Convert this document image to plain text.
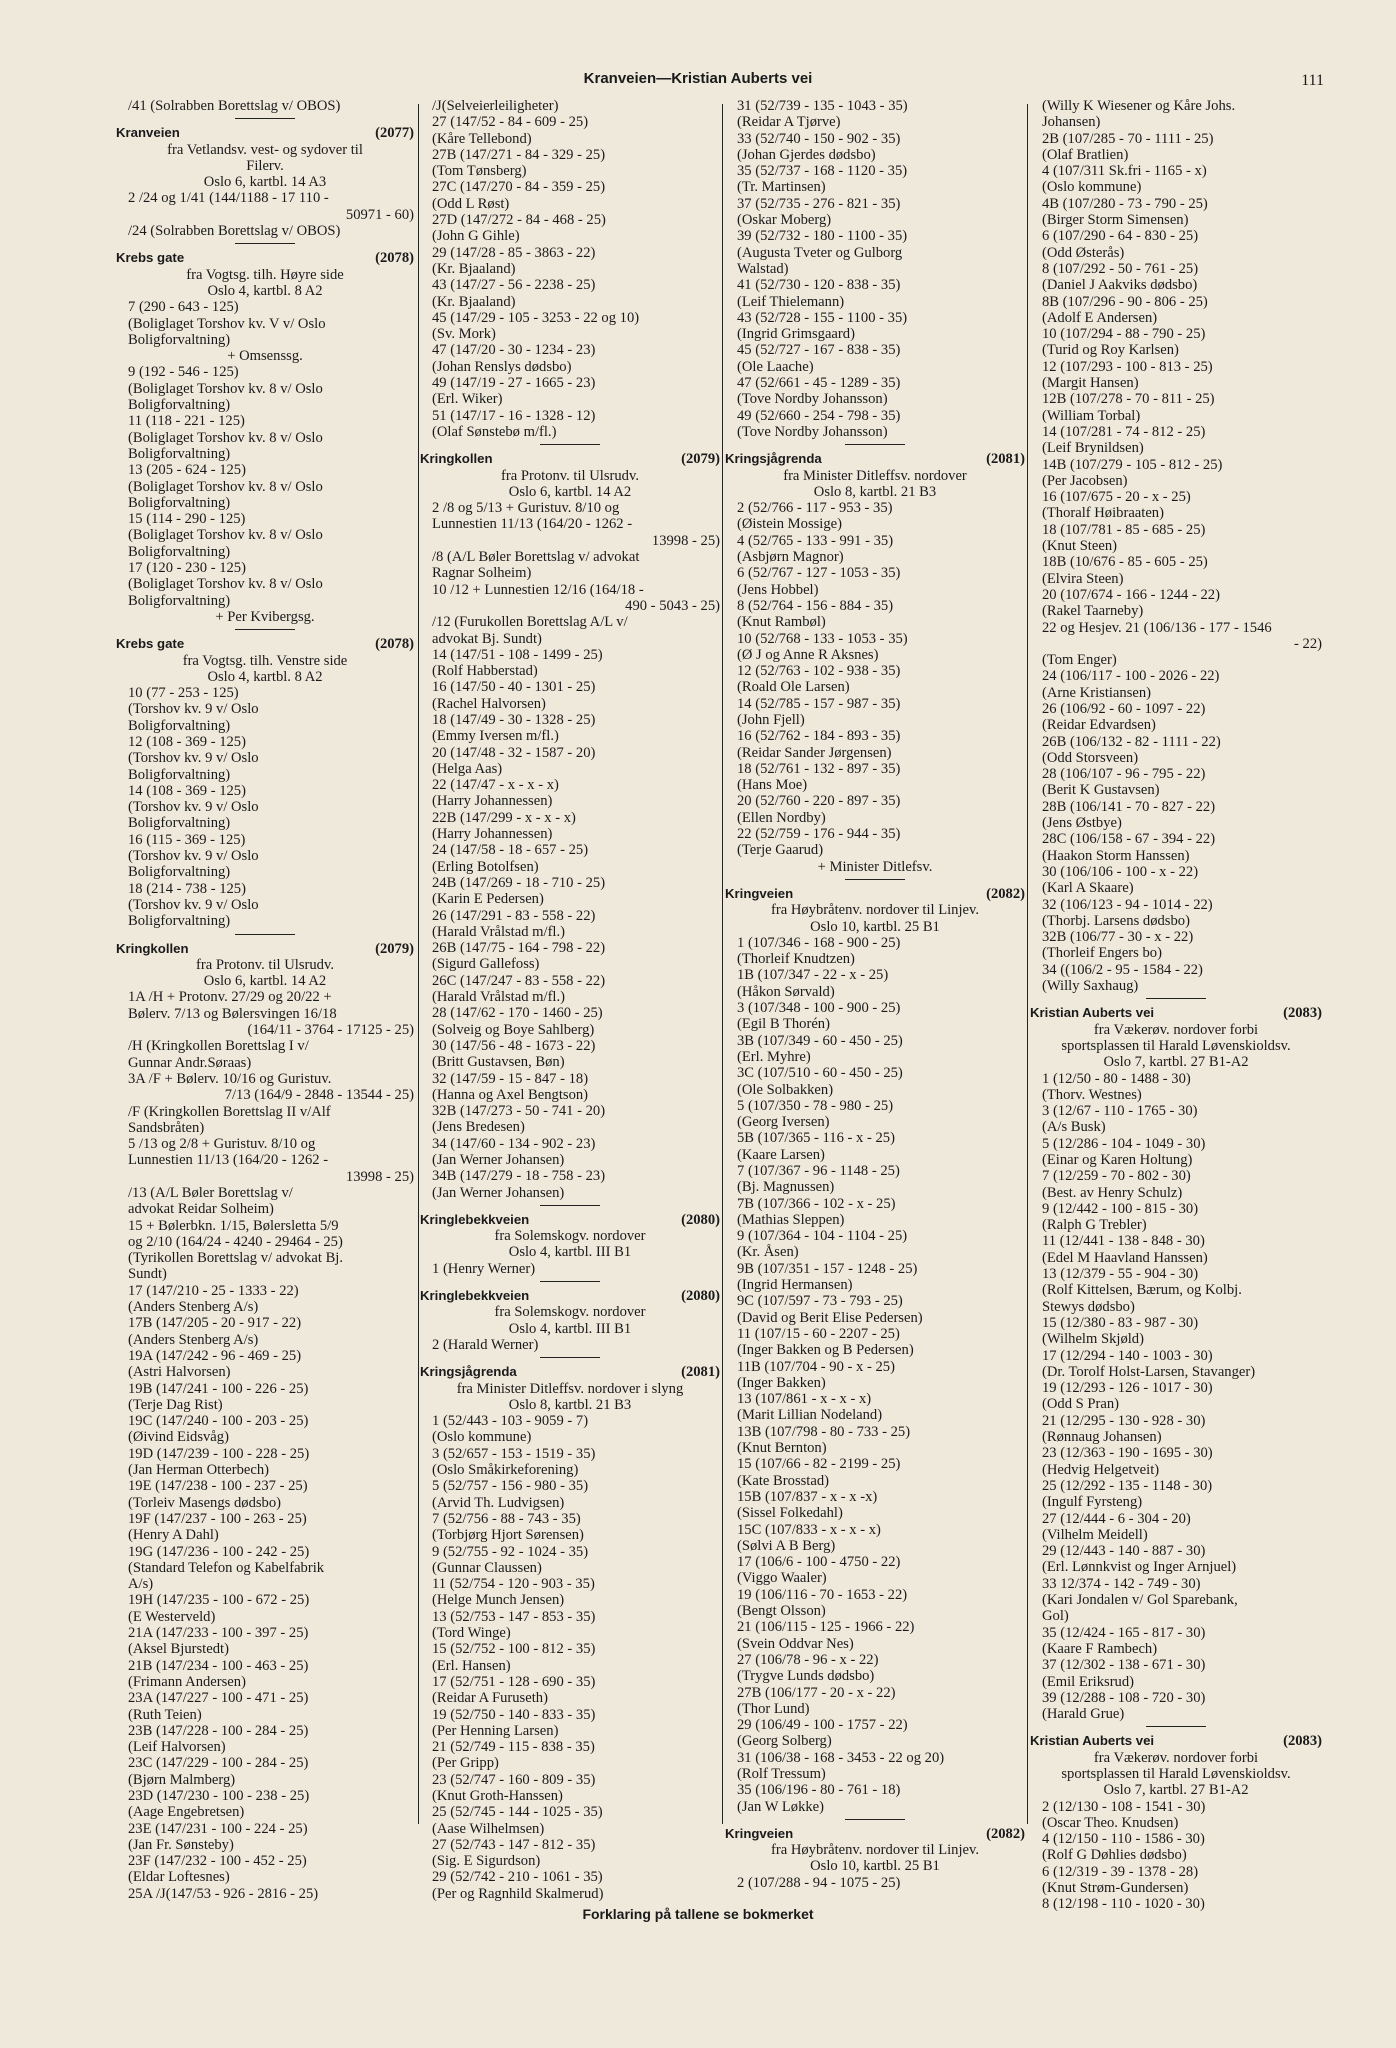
Kranveien—Kristian Auberts vei	111
/41 (Solrabben Borettslag v/ OBOS)
Kranveien	(2077)
fra Vetlandsv. vest- og sydover til
Filerv.
Oslo 6, kartbl. 14 A3
2 /24 og 1/41 (144/1188 - 17 110 -
50971 - 60)
/24 (Solrabben Borettslag v/ OBOS)
Krebs gate	(2078)
fra Vogtsg. tilh. Høyre side
Oslo 4, kartbl. 8 A2
7 (290 - 643 - 125)
(Boliglaget Torshov kv. V v/ Oslo
Boligforvaltning)
+ Omsenssg.
9 (192 - 546 - 125)
(Boliglaget Torshov kv. 8 v/ Oslo
Boligforvaltning)
11 (118 - 221 - 125)
(Boliglaget Torshov kv. 8 v/ Oslo
Boligforvaltning)
13 (205 - 624 - 125)
(Boliglaget Torshov kv. 8 v/ Oslo
Boligforvaltning)
15 (114 - 290 - 125)
(Boliglaget Torshov kv. 8 v/ Oslo
Boligforvaltning)
17 (120 - 230 - 125)
(Boliglaget Torshov kv. 8 v/ Oslo
Boligforvaltning)
+ Per Kvibergsg.
Krebs gate	(2078)
fra Vogtsg. tilh. Venstre side
Oslo 4, kartbl. 8 A2
10 (77 - 253 - 125)
(Torshov kv. 9 v/ Oslo
Boligforvaltning)
12 (108 - 369 - 125)
(Torshov kv. 9 v/ Oslo
Boligforvaltning)
14 (108 - 369 - 125)
(Torshov kv. 9 v/ Oslo
Boligforvaltning)
16 (115 - 369 - 125)
(Torshov kv. 9 v/ Oslo
Boligforvaltning)
18 (214 - 738 - 125)
(Torshov kv. 9 v/ Oslo
Boligforvaltning)
Kringkollen	(2079)
fra Protonv. til Ulsrudv.
Oslo 6, kartbl. 14 A2
1A /H + Protonv. 27/29 og 20/22 +
Bølerv. 7/13 og Bølersvingen 16/18
(164/11 - 3764 - 17125 - 25)
/H (Kringkollen Borettslag I v/
Gunnar Andr.Søraas)
3A /F + Bølerv. 10/16 og Guristuv.
7/13 (164/9 - 2848 - 13544 - 25)
/F (Kringkollen Borettslag II v/Alf
Sandsbråten)
5 /13 og 2/8 + Guristuv. 8/10 og
Lunnestien 11/13 (164/20 - 1262 -
13998 - 25)
/13 (A/L Bøler Borettslag v/
advokat Reidar Solheim)
15 + Bølerbkn. 1/15, Bølersletta 5/9
og 2/10 (164/24 - 4240 - 29464 - 25)
(Tyrikollen Borettslag v/ advokat Bj.
Sundt)
17 (147/210 - 25 - 1333 - 22)
(Anders Stenberg A/s)
17B (147/205 - 20 - 917 - 22)
(Anders Stenberg A/s)
19A (147/242 - 96 - 469 - 25)
(Astri Halvorsen)
19B (147/241 - 100 - 226 - 25)
(Terje Dag Rist)
19C (147/240 - 100 - 203 - 25)
(Øivind Eidsvåg)
19D (147/239 - 100 - 228 - 25)
(Jan Herman Otterbech)
19E (147/238 - 100 - 237 - 25)
(Torleiv Masengs dødsbo)
19F (147/237 - 100 - 263 - 25)
(Henry A Dahl)
19G (147/236 - 100 - 242 - 25)
(Standard Telefon og Kabelfabrik
A/s)
19H (147/235 - 100 - 672 - 25)
(E Westerveld)
21A (147/233 - 100 - 397 - 25)
(Aksel Bjurstedt)
21B (147/234 - 100 - 463 - 25)
(Frimann Andersen)
23A (147/227 - 100 - 471 - 25)
(Ruth Teien)
23B (147/228 - 100 - 284 - 25)
(Leif Halvorsen)
23C (147/229 - 100 - 284 - 25)
(Bjørn Malmberg)
23D (147/230 - 100 - 238 - 25)
(Aage Engebretsen)
23E (147/231 - 100 - 224 - 25)
(Jan Fr. Sønsteby)
23F (147/232 - 100 - 452 - 25)
(Eldar Loftesnes)
25A /J(147/53 - 926 - 2816 - 25)
/J(Selveierleiligheter)
27 (147/52 - 84 - 609 - 25)
(Kåre Tellebond)
27B (147/271 - 84 - 329 - 25)
(Tom Tønsberg)
27C (147/270 - 84 - 359 - 25)
(Odd L Røst)
27D (147/272 - 84 - 468 - 25)
(John G Gihle)
29 (147/28 - 85 - 3863 - 22)
(Kr. Bjaaland)
43 (147/27 - 56 - 2238 - 25)
(Kr. Bjaaland)
45 (147/29 - 105 - 3253 - 22 og 10)
(Sv. Mork)
47 (147/20 - 30 - 1234 - 23)
(Johan Renslys dødsbo)
49 (147/19 - 27 - 1665 - 23)
(Erl. Wiker)
51 (147/17 - 16 - 1328 - 12)
(Olaf Sønstebø m/fl.)
Kringkollen	(2079)
fra Protonv. til Ulsrudv.
Oslo 6, kartbl. 14 A2
2 /8 og 5/13 + Guristuv. 8/10 og
Lunnestien 11/13 (164/20 - 1262 -
13998 - 25)
/8 (A/L Bøler Borettslag v/ advokat
Ragnar Solheim)
10 /12 + Lunnestien 12/16 (164/18 -
490 - 5043 - 25)
/12 (Furukollen Borettslag A/L v/
advokat Bj. Sundt)
14 (147/51 - 108 - 1499 - 25)
(Rolf Habberstad)
16 (147/50 - 40 - 1301 - 25)
(Rachel Halvorsen)
18 (147/49 - 30 - 1328 - 25)
(Emmy Iversen m/fl.)
20 (147/48 - 32 - 1587 - 20)
(Helga Aas)
22 (147/47 - x - x - x)
(Harry Johannessen)
22B (147/299 - x - x - x)
(Harry Johannessen)
24 (147/58 - 18 - 657 - 25)
(Erling Botolfsen)
24B (147/269 - 18 - 710 - 25)
(Karin E Pedersen)
26 (147/291 - 83 - 558 - 22)
(Harald Vrålstad m/fl.)
26B (147/75 - 164 - 798 - 22)
(Sigurd Gallefoss)
26C (147/247 - 83 - 558 - 22)
(Harald Vrålstad m/fl.)
28 (147/62 - 170 - 1460 - 25)
(Solveig og Boye Sahlberg)
30 (147/56 - 48 - 1673 - 22)
(Britt Gustavsen, Bøn)
32 (147/59 - 15 - 847 - 18)
(Hanna og Axel Bengtson)
32B (147/273 - 50 - 741 - 20)
(Jens Bredesen)
34 (147/60 - 134 - 902 - 23)
(Jan Werner Johansen)
34B (147/279 - 18 - 758 - 23)
(Jan Werner Johansen)
Kringlebekkveien	(2080)
fra Solemskogv. nordover
Oslo 4, kartbl. III B1
1 (Henry Werner)
Kringlebekkveien	(2080)
fra Solemskogv. nordover
Oslo 4, kartbl. III B1
2 (Harald Werner)
Kringsjågrenda	(2081)
fra Minister Ditleffsv. nordover i slyng
Oslo 8, kartbl. 21 B3
1 (52/443 - 103 - 9059 - 7)
(Oslo kommune)
3 (52/657 - 153 - 1519 - 35)
(Oslo Småkirkeforening)
5 (52/757 - 156 - 980 - 35)
(Arvid Th. Ludvigsen)
7 (52/756 - 88 - 743 - 35)
(Torbjørg Hjort Sørensen)
9 (52/755 - 92 - 1024 - 35)
(Gunnar Claussen)
11 (52/754 - 120 - 903 - 35)
(Helge Munch Jensen)
13 (52/753 - 147 - 853 - 35)
(Tord Winge)
15 (52/752 - 100 - 812 - 35)
(Erl. Hansen)
17 (52/751 - 128 - 690 - 35)
(Reidar A Furuseth)
19 (52/750 - 140 - 833 - 35)
(Per Henning Larsen)
21 (52/749 - 115 - 838 - 35)
(Per Gripp)
23 (52/747 - 160 - 809 - 35)
(Knut Groth-Hanssen)
25 (52/745 - 144 - 1025 - 35)
(Aase Wilhelmsen)
27 (52/743 - 147 - 812 - 35)
(Sig. E Sigurdson)
29 (52/742 - 210 - 1061 - 35)
(Per og Ragnhild Skalmerud)
31 (52/739 - 135 - 1043 - 35)
(Reidar A Tjørve)
33 (52/740 - 150 - 902 - 35)
(Johan Gjerdes dødsbo)
35 (52/737 - 168 - 1120 - 35)
(Tr. Martinsen)
37 (52/735 - 276 - 821 - 35)
(Oskar Moberg)
39 (52/732 - 180 - 1100 - 35)
(Augusta Tveter og Gulborg
Walstad)
41 (52/730 - 120 - 838 - 35)
(Leif Thielemann)
43 (52/728 - 155 - 1100 - 35)
(Ingrid Grimsgaard)
45 (52/727 - 167 - 838 - 35)
(Ole Laache)
47 (52/661 - 45 - 1289 - 35)
(Tove Nordby Johansson)
49 (52/660 - 254 - 798 - 35)
(Tove Nordby Johansson)
Kringsjågrenda	(2081)
fra Minister Ditleffsv. nordover
Oslo 8, kartbl. 21 B3
2 (52/766 - 117 - 953 - 35)
(Øistein Mossige)
4 (52/765 - 133 - 991 - 35)
(Asbjørn Magnor)
6 (52/767 - 127 - 1053 - 35)
(Jens Hobbel)
8 (52/764 - 156 - 884 - 35)
(Knut Rambøl)
10 (52/768 - 133 - 1053 - 35)
(Ø J og Anne R Aksnes)
12 (52/763 - 102 - 938 - 35)
(Roald Ole Larsen)
14 (52/785 - 157 - 987 - 35)
(John Fjell)
16 (52/762 - 184 - 893 - 35)
(Reidar Sander Jørgensen)
18 (52/761 - 132 - 897 - 35)
(Hans Moe)
20 (52/760 - 220 - 897 - 35)
(Ellen Nordby)
22 (52/759 - 176 - 944 - 35)
(Terje Gaarud)
+ Minister Ditlefsv.
Kringveien	(2082)
fra Høybråtenv. nordover til Linjev.
Oslo 10, kartbl. 25 B1
1 (107/346 - 168 - 900 - 25)
(Thorleif Knudtzen)
1B (107/347 - 22 - x - 25)
(Håkon Sørvald)
3 (107/348 - 100 - 900 - 25)
(Egil B Thorén)
3B (107/349 - 60 - 450 - 25)
(Erl. Myhre)
3C (107/510 - 60 - 450 - 25)
(Ole Solbakken)
5 (107/350 - 78 - 980 - 25)
(Georg Iversen)
5B (107/365 - 116 - x - 25)
(Kaare Larsen)
7 (107/367 - 96 - 1148 - 25)
(Bj. Magnussen)
7B (107/366 - 102 - x - 25)
(Mathias Sleppen)
9 (107/364 - 104 - 1104 - 25)
(Kr. Åsen)
9B (107/351 - 157 - 1248 - 25)
(Ingrid Hermansen)
9C (107/597 - 73 - 793 - 25)
(David og Berit Elise Pedersen)
11 (107/15 - 60 - 2207 - 25)
(Inger Bakken og B Pedersen)
11B (107/704 - 90 - x - 25)
(Inger Bakken)
13 (107/861 - x - x - x)
(Marit Lillian Nodeland)
13B (107/798 - 80 - 733 - 25)
(Knut Bernton)
15 (107/66 - 82 - 2199 - 25)
(Kate Brosstad)
15B (107/837 - x - x -x)
(Sissel Folkedahl)
15C (107/833 - x - x - x)
(Sølvi A B Berg)
17 (106/6 - 100 - 4750 - 22)
(Viggo Waaler)
19 (106/116 - 70 - 1653 - 22)
(Bengt Olsson)
21 (106/115 - 125 - 1966 - 22)
(Svein Oddvar Nes)
27 (106/78 - 96 - x - 22)
(Trygve Lunds dødsbo)
27B (106/177 - 20 - x - 22)
(Thor Lund)
29 (106/49 - 100 - 1757 - 22)
(Georg Solberg)
31 (106/38 - 168 - 3453 - 22 og 20)
(Rolf Tressum)
35 (106/196 - 80 - 761 - 18)
(Jan W Løkke)
Kringveien	(2082)
fra Høybråtenv. nordover til Linjev.
Oslo 10, kartbl. 25 B1
2 (107/288 - 94 - 1075 - 25)
(Willy K Wiesener og Kåre Johs.
Johansen)
2B (107/285 - 70 - 1111 - 25)
(Olaf Bratlien)
4 (107/311 Sk.fri - 1165 - x)
(Oslo kommune)
4B (107/280 - 73 - 790 - 25)
(Birger Storm Simensen)
6 (107/290 - 64 - 830 - 25)
(Odd Østerås)
8 (107/292 - 50 - 761 - 25)
(Daniel J Aakviks dødsbo)
8B (107/296 - 90 - 806 - 25)
(Adolf E Andersen)
10 (107/294 - 88 - 790 - 25)
(Turid og Roy Karlsen)
12 (107/293 - 100 - 813 - 25)
(Margit Hansen)
12B (107/278 - 70 - 811 - 25)
(William Torbal)
14 (107/281 - 74 - 812 - 25)
(Leif Brynildsen)
14B (107/279 - 105 - 812 - 25)
(Per Jacobsen)
16 (107/675 - 20 - x - 25)
(Thoralf Høibraaten)
18 (107/781 - 85 - 685 - 25)
(Knut Steen)
18B (10/676 - 85 - 605 - 25)
(Elvira Steen)
20 (107/674 - 166 - 1244 - 22)
(Rakel Taarneby)
22 og Hesjev. 21 (106/136 - 177 - 1546
- 22)
(Tom Enger)
24 (106/117 - 100 - 2026 - 22)
(Arne Kristiansen)
26 (106/92 - 60 - 1097 - 22)
(Reidar Edvardsen)
26B (106/132 - 82 - 1111 - 22)
(Odd Storsveen)
28 (106/107 - 96 - 795 - 22)
(Berit K Gustavsen)
28B (106/141 - 70 - 827 - 22)
(Jens Østbye)
28C (106/158 - 67 - 394 - 22)
(Haakon Storm Hanssen)
30 (106/106 - 100 - x - 22)
(Karl A Skaare)
32 (106/123 - 94 - 1014 - 22)
(Thorbj. Larsens dødsbo)
32B (106/77 - 30 - x - 22)
(Thorleif Engers bo)
34 ((106/2 - 95 - 1584 - 22)
(Willy Saxhaug)
Kristian Auberts vei	(2083)
fra Vækerøv. nordover forbi
sportsplassen til Harald Løvenskioldsv.
Oslo 7, kartbl. 27 B1-A2
1 (12/50 - 80 - 1488 - 30)
(Thorv. Westnes)
3 (12/67 - 110 - 1765 - 30)
(A/s Busk)
5 (12/286 - 104 - 1049 - 30)
(Einar og Karen Holtung)
7 (12/259 - 70 - 802 - 30)
(Best. av Henry Schulz)
9 (12/442 - 100 - 815 - 30)
(Ralph G Trebler)
11 (12/441 - 138 - 848 - 30)
(Edel M Haavland Hanssen)
13 (12/379 - 55 - 904 - 30)
(Rolf Kittelsen, Bærum, og Kolbj.
Stewys dødsbo)
15 (12/380 - 83 - 987 - 30)
(Wilhelm Skjøld)
17 (12/294 - 140 - 1003 - 30)
(Dr. Torolf Holst-Larsen, Stavanger)
19 (12/293 - 126 - 1017 - 30)
(Odd S Pran)
21 (12/295 - 130 - 928 - 30)
(Rønnaug Johansen)
23 (12/363 - 190 - 1695 - 30)
(Hedvig Helgetveit)
25 (12/292 - 135 - 1148 - 30)
(Ingulf Fyrsteng)
27 (12/444 - 6 - 304 - 20)
(Vilhelm Meidell)
29 (12/443 - 140 - 887 - 30)
(Erl. Lønnkvist og Inger Arnjuel)
33 12/374 - 142 - 749 - 30)
(Kari Jondalen v/ Gol Sparebank,
Gol)
35 (12/424 - 165 - 817 - 30)
(Kaare F Rambech)
37 (12/302 - 138 - 671 - 30)
(Emil Eriksrud)
39 (12/288 - 108 - 720 - 30)
(Harald Grue)
Kristian Auberts vei	(2083)
fra Vækerøv. nordover forbi
sportsplassen til Harald Løvenskioldsv.
Oslo 7, kartbl. 27 B1-A2
2 (12/130 - 108 - 1541 - 30)
(Oscar Theo. Knudsen)
4 (12/150 - 110 - 1586 - 30)
(Rolf G Døhlies dødsbo)
6 (12/319 - 39 - 1378 - 28)
(Knut Strøm-Gundersen)
8 (12/198 - 110 - 1020 - 30)
Forklaring på tallene se bokmerket
